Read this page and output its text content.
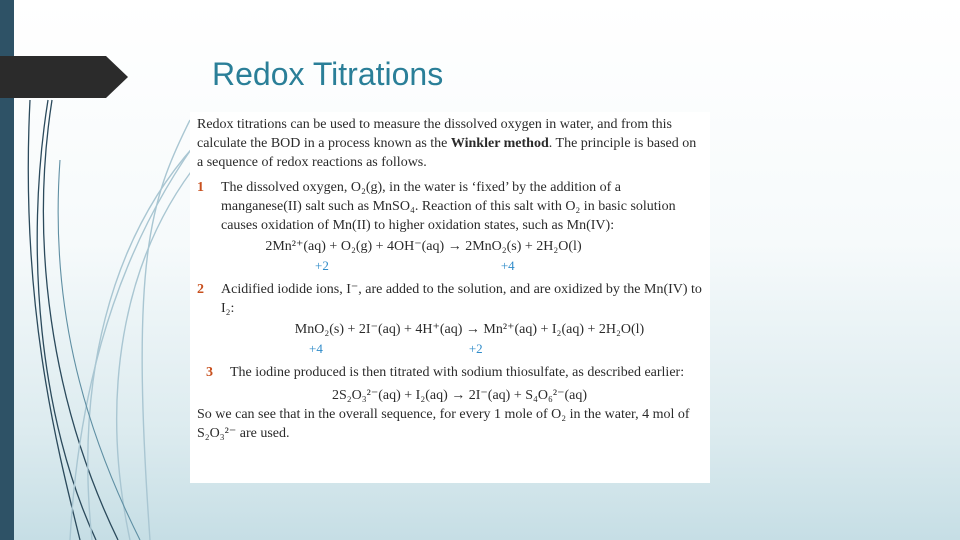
Redox Titrations

Redox titrations can be used to measure the dissolved oxygen in water, and from this calculate the BOD in a process known as the Winkler method. The principle is based on a sequence of redox reactions as follows.

1	The dissolved oxygen, O₂(g), in the water is ‘fixed’ by the addition of a manganese(II) salt such as MnSO₄. Reaction of this salt with O₂ in basic solution causes oxidation of Mn(II) to higher oxidation states, such as Mn(IV):
2Mn²⁺(aq) + O₂(g) + 4OH⁻(aq) → 2MnO₂(s) + 2H₂O(l)
+2	+4
2	Acidified iodide ions, I⁻, are added to the solution, and are oxidized by the Mn(IV) to I₂:
MnO₂(s) + 2I⁻(aq) + 4H⁺(aq) → Mn²⁺(aq) + I₂(aq) + 2H₂O(l)
+4	+2
3	The iodine produced is then titrated with sodium thiosulfate, as described earlier:
2S₂O₃²⁻(aq) + I₂(aq) → 2I⁻(aq) + S₄O₆²⁻(aq)

So we can see that in the overall sequence, for every 1 mole of O₂ in the water, 4 mol of S₂O₃²⁻ are used.
